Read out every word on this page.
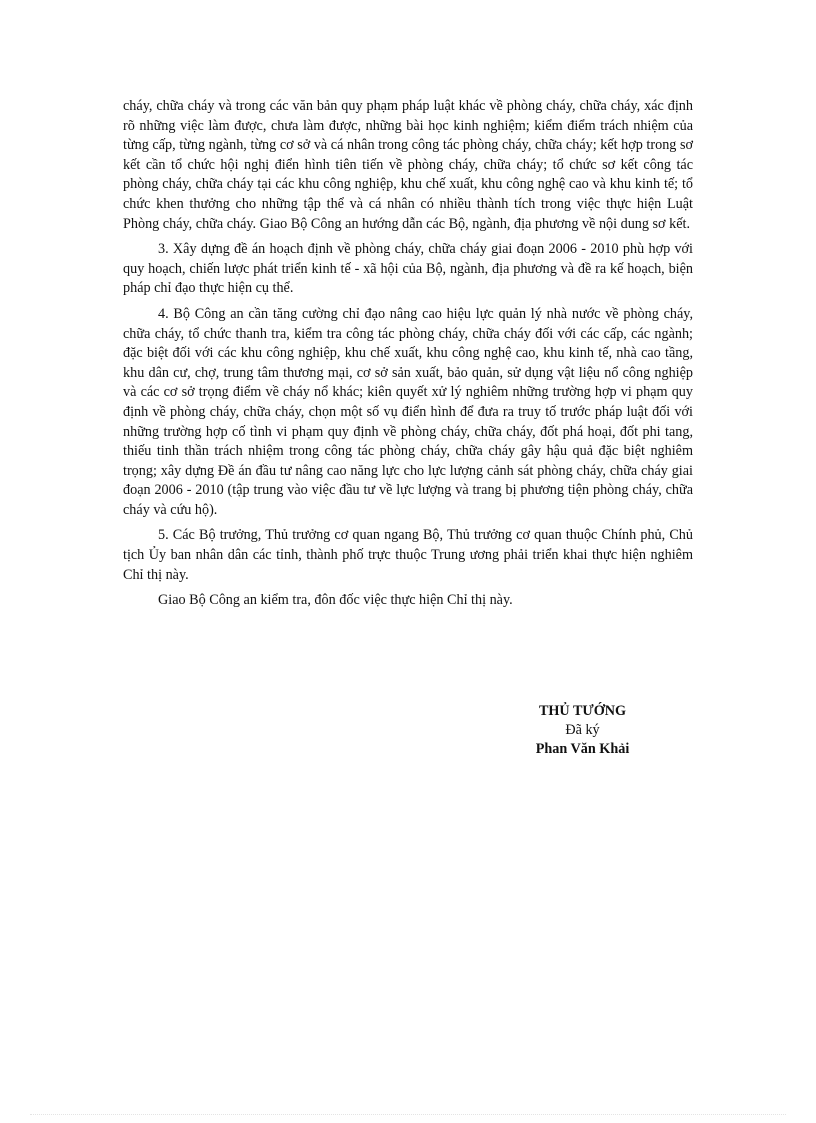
cháy, chữa cháy và trong các văn bản quy phạm pháp luật khác về phòng cháy, chữa cháy, xác định rõ những việc làm được, chưa làm được, những bài học kinh nghiệm; kiểm điểm trách nhiệm của từng cấp, từng ngành, từng cơ sở và cá nhân trong công tác phòng cháy, chữa cháy; kết hợp trong sơ kết cần tổ chức hội nghị điển hình tiên tiến về phòng cháy, chữa cháy; tổ chức sơ kết công tác phòng cháy, chữa cháy tại các khu công nghiệp, khu chế xuất, khu công nghệ cao và khu kinh tế; tổ chức khen thưởng cho những tập thể và cá nhân có nhiều thành tích trong việc thực hiện Luật Phòng cháy, chữa cháy. Giao Bộ Công an hướng dẫn các Bộ, ngành, địa phương về nội dung sơ kết.

3. Xây dựng đề án hoạch định về phòng cháy, chữa cháy giai đoạn 2006 - 2010 phù hợp với quy hoạch, chiến lược phát triển kinh tế - xã hội của Bộ, ngành, địa phương và đề ra kế hoạch, biện pháp chỉ đạo thực hiện cụ thể.

4. Bộ Công an cần tăng cường chỉ đạo nâng cao hiệu lực quản lý nhà nước về phòng cháy, chữa cháy, tổ chức thanh tra, kiểm tra công tác phòng cháy, chữa cháy đối với các cấp, các ngành; đặc biệt đối với các khu công nghiệp, khu chế xuất, khu công nghệ cao, khu kinh tế, nhà cao tầng, khu dân cư, chợ, trung tâm thương mại, cơ sở sản xuất, bảo quản, sử dụng vật liệu nổ công nghiệp và các cơ sở trọng điểm về cháy nổ khác; kiên quyết xử lý nghiêm những trường hợp vi phạm quy định về phòng cháy, chữa cháy, chọn một số vụ điển hình để đưa ra truy tố trước pháp luật đối với những trường hợp cố tình vi phạm quy định về phòng cháy, chữa cháy, đốt phá hoại, đốt phi tang, thiếu tinh thần trách nhiệm trong công tác phòng cháy, chữa cháy gây hậu quả đặc biệt nghiêm trọng; xây dựng Đề án đầu tư nâng cao năng lực cho lực lượng cảnh sát phòng cháy, chữa cháy giai đoạn 2006 - 2010 (tập trung vào việc đầu tư về lực lượng và trang bị phương tiện phòng cháy, chữa cháy và cứu hộ).

5. Các Bộ trưởng, Thủ trưởng cơ quan ngang Bộ, Thủ trưởng cơ quan thuộc Chính phủ, Chủ tịch Ủy ban nhân dân các tỉnh, thành phố trực thuộc Trung ương phải triển khai thực hiện nghiêm Chỉ thị này.

Giao Bộ Công an kiểm tra, đôn đốc việc thực hiện Chỉ thị này.

THỦ TƯỚNG
Đã ký
Phan Văn Khải
